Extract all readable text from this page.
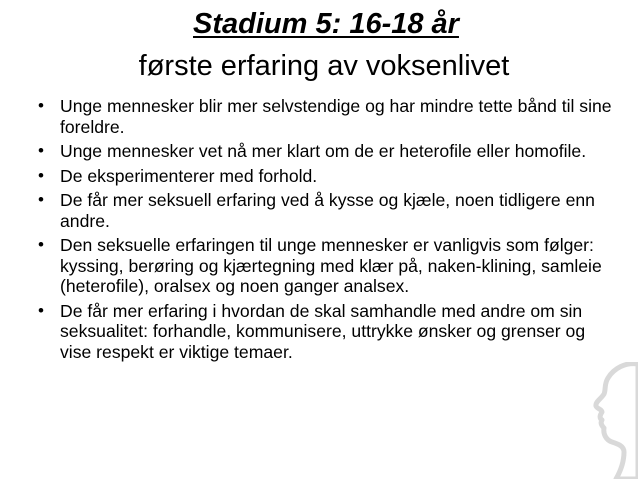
Stadium 5: 16-18 år
første erfaring av voksenlivet
• Unge mennesker blir mer selvstendige og har mindre tette bånd til sine foreldre.
• Unge mennesker vet nå mer klart om de er heterofile eller homofile.
• De eksperimenterer med forhold.
• De får mer seksuell erfaring ved å kysse og kjæle, noen tidligere enn andre.
• Den seksuelle erfaringen til unge mennesker er vanligvis som følger: kyssing, berøring og kjærtegning med klær på, naken-klining, samleie (heterofile), oralsex og noen ganger analsex.
• De får mer erfaring i hvordan de skal samhandle med andre om sin seksualitet: forhandle, kommunisere, uttrykke ønsker og grenser og vise respekt er viktige temaer.
